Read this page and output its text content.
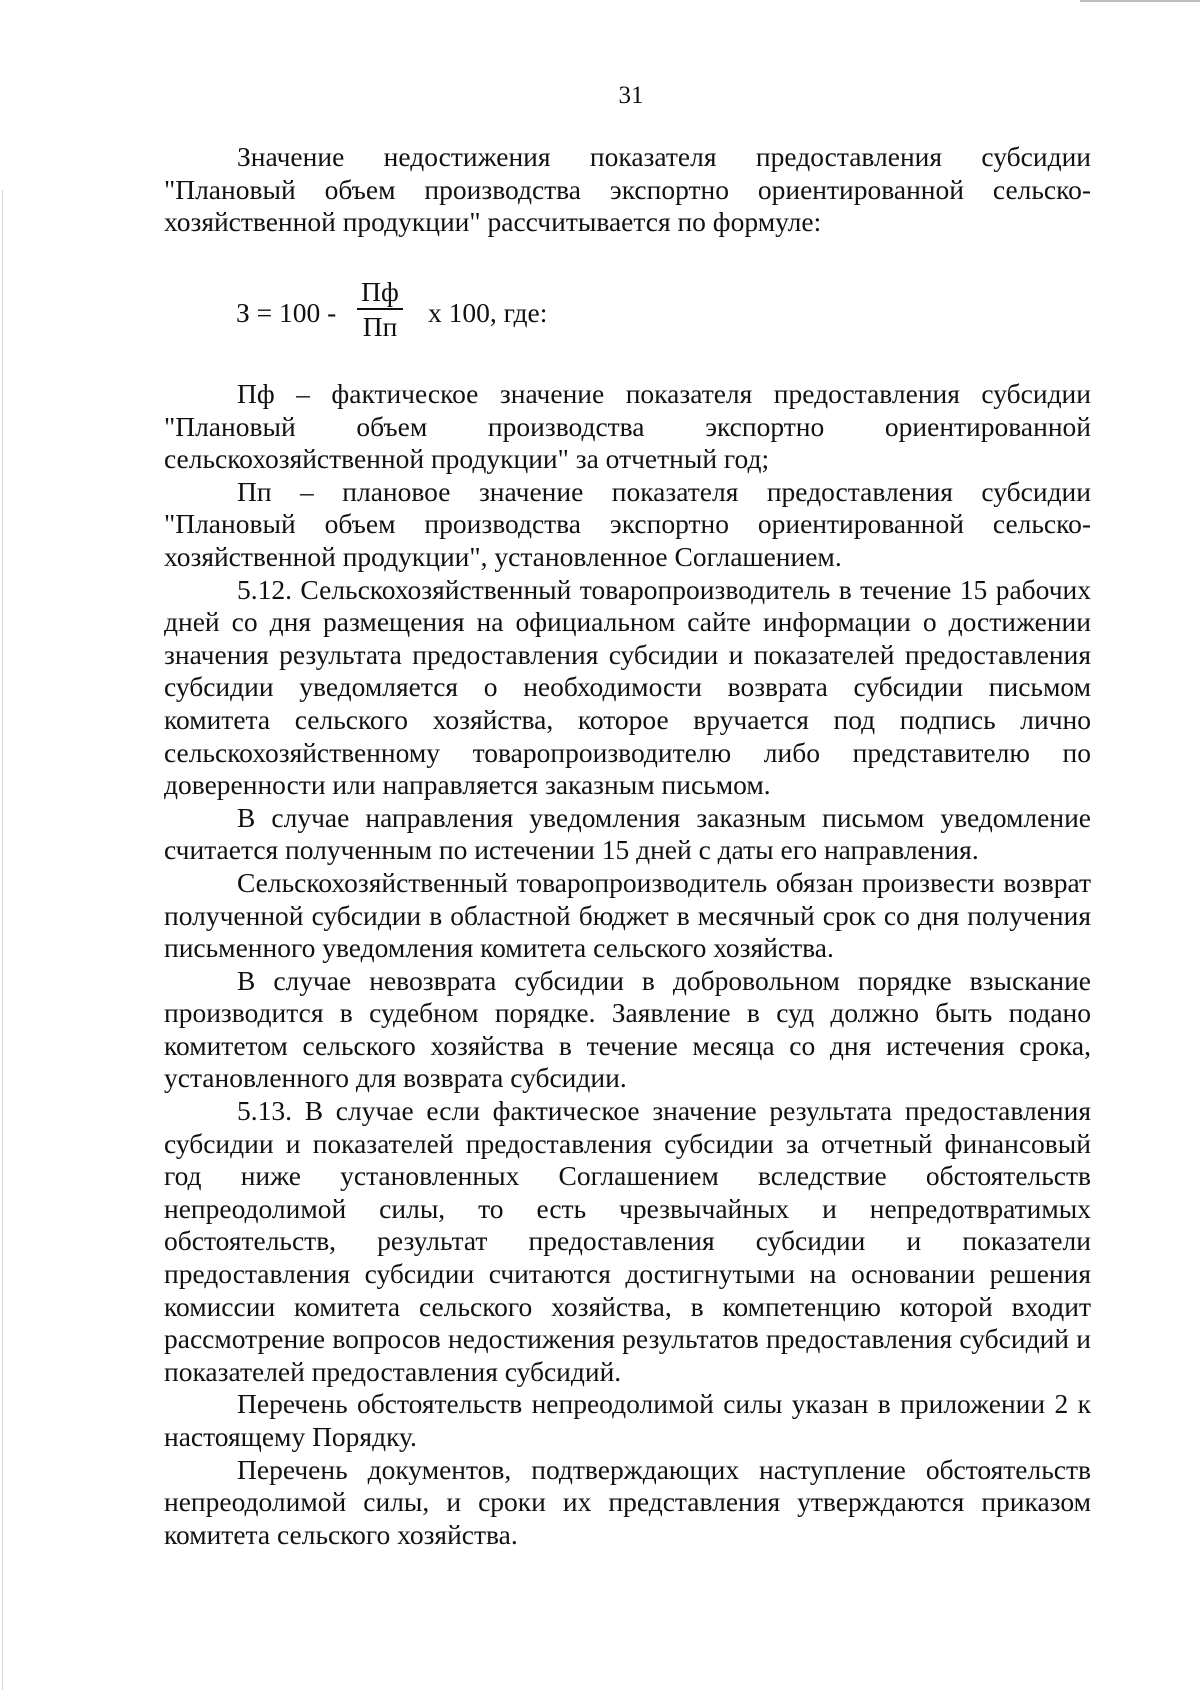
31

Значение недостижения показателя предоставления субсидии "Плановый объем производства экспортно ориентированной сельско-хозяйственной продукции" рассчитывается по формуле:

З = 100 -
Пф
Пп х 100, где:

Пф – фактическое значение показателя предоставления субсидии "Плановый объем производства экспортно ориентированной сельскохозяйственной продукции" за отчетный год;

Пп – плановое значение показателя предоставления субсидии "Плановый объем производства экспортно ориентированной сельско-хозяйственной продукции", установленное Соглашением.

5.12. Сельскохозяйственный товаропроизводитель в течение 15 рабочих дней со дня размещения на официальном сайте информации о достижении значения результата предоставления субсидии и показателей предоставления субсидии уведомляется о необходимости возврата субсидии письмом комитета сельского хозяйства, которое вручается под подпись лично сельскохозяйственному товаропроизводителю либо представителю по доверенности или направляется заказным письмом.

В случае направления уведомления заказным письмом уведомление считается полученным по истечении 15 дней с даты его направления.

Сельскохозяйственный товаропроизводитель обязан произвести возврат полученной субсидии в областной бюджет в месячный срок со дня получения письменного уведомления комитета сельского хозяйства.

В случае невозврата субсидии в добровольном порядке взыскание производится в судебном порядке. Заявление в суд должно быть подано комитетом сельского хозяйства в течение месяца со дня истечения срока, установленного для возврата субсидии.

5.13. В случае если фактическое значение результата предоставления субсидии и показателей предоставления субсидии за отчетный финансовый год ниже установленных Соглашением вследствие обстоятельств непреодолимой силы, то есть чрезвычайных и непредотвратимых обстоятельств, результат предоставления субсидии и показатели предоставления субсидии считаются достигнутыми на основании решения комиссии комитета сельского хозяйства, в компетенцию которой входит рассмотрение вопросов недостижения результатов предоставления субсидий и показателей предоставления субсидий.

Перечень обстоятельств непреодолимой силы указан в приложении 2 к настоящему Порядку.

Перечень документов, подтверждающих наступление обстоятельств непреодолимой силы, и сроки их представления утверждаются приказом комитета сельского хозяйства.
